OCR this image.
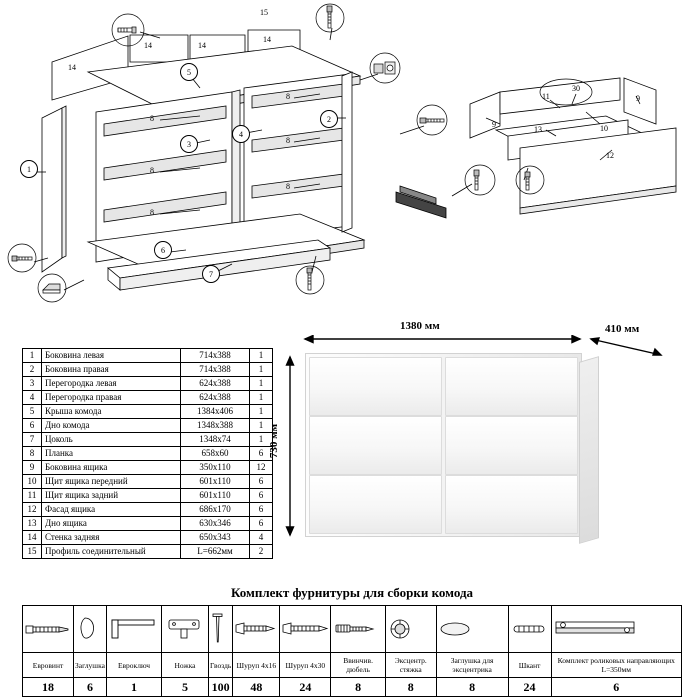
1
2
3
4
5
6
7
8
8
8
8
8
8
9
9
10
11
12
13
30
14
14	14
14
15
1	Боковина левая	714х388	1
2	Боковина правая	714х388	1
3	Перегородка левая	624х388	1
4	Перегородка правая	624х388	1
5	Крыша комода	1384х406	1
6	Дно комода	1348х388	1
7	Цоколь	1348х74	1
8	Планка	658х60	6
9	Боковина ящика	350х110	12
10	Щит ящика передний	601х110	6
11	Щит ящика задний	601х110	6
12	Фасад ящика	686х170	6
13	Дно ящика	630х346	6
14	Стенка задняя	650х343	4
15	Профиль соединительный	L=662мм	2
1380 мм	410 мм
730 мм
Комплект фурнитуры для сборки комода

Евровинт	Заглушка	Евроключ	Ножка	Гвоздь	Шуруп 4х16	Шуруп 4х30	Ввинчив. дюбель	Эксцентр. стяжка	Заглушка для эксцентрика	Шкант	Комплект роликовых направляющих L=350мм
18	6	1	5	100	48	24	8	8	8	24	6
